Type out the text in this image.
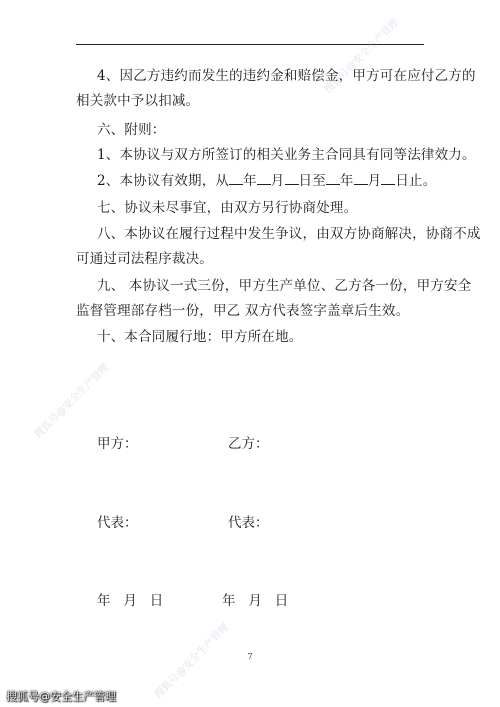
4、因乙方违约而发生的违约金和赔偿金，甲方可在应付乙方的
相关款中予以扣减。
六、附则：
1、本协议与双方所签订的相关业务主合同具有同等法律效力。
2、本协议有效期，从 年 月 日至 年 月 日止。
七、协议未尽事宜，由双方另行协商处理。
八、本协议在履行过程中发生争议，由双方协商解决，协商不成
可通过司法程序裁决。
九、 本协议一式三份，甲方生产单位、乙方各一份，甲方安全
监督管理部存档一份，甲乙 双方代表签字盖章后生效。
十、本合同履行地：甲方所在地。
甲方：	乙方：
代表：	代表：
年   月   日	年   月   日
7
搜狐号@安全生产管理
搜狐号@安全生产管理
搜狐号@安全生产管理
搜狐号@安全生产管理
